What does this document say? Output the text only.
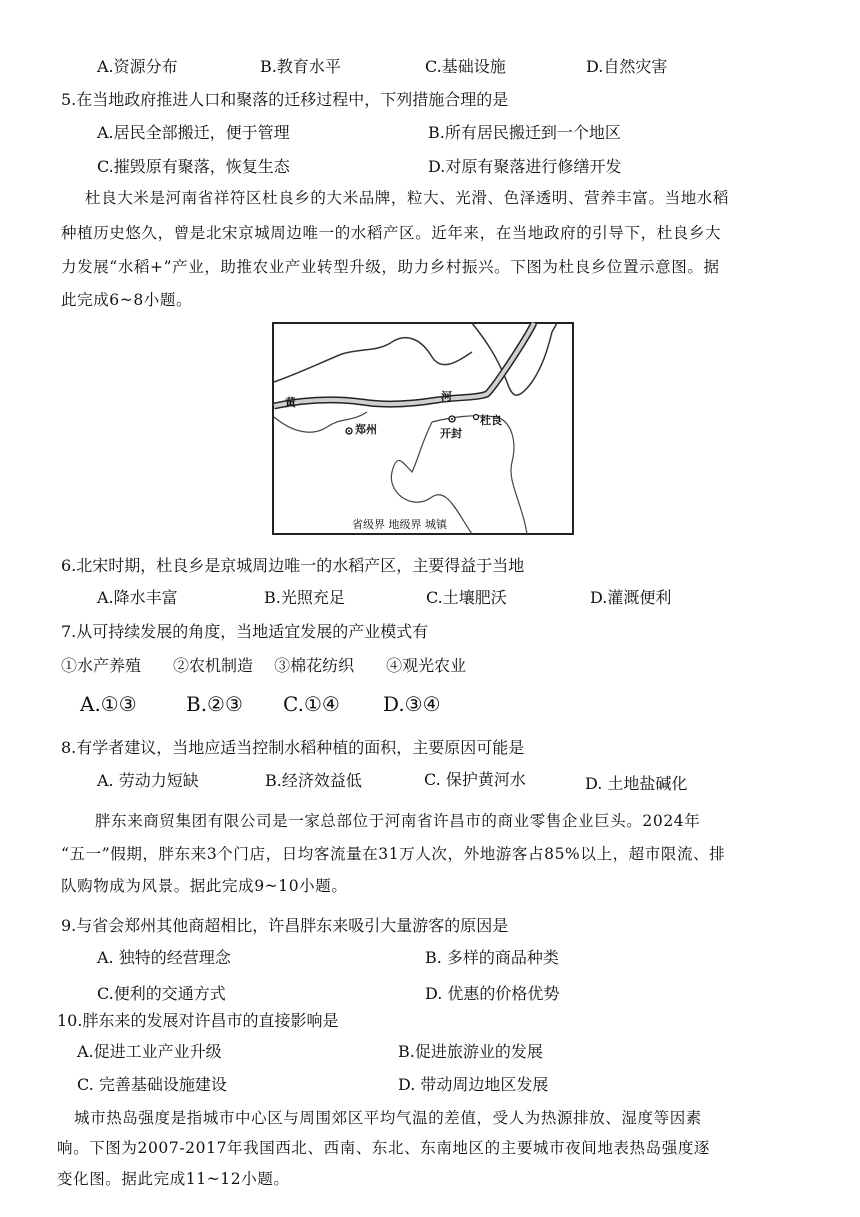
A.资源分布	B.教育水平	C.基础设施	D.自然灾害
5.在当地政府推进人口和聚落的迁移过程中，下列措施合理的是
A.居民全部搬迁，便于管理	B.所有居民搬迁到一个地区
C.摧毁原有聚落，恢复生态	D.对原有聚落进行修缮开发
杜良大米是河南省祥符区杜良乡的大米品牌，粒大、光滑、色泽透明、营养丰富。当地水稻
种植历史悠久，曾是北宋京城周边唯一的水稻产区。近年来，在当地政府的引导下，杜良乡大
力发展“水稻+”产业，助推农业产业转型升级，助力乡村振兴。下图为杜良乡位置示意图。据
此完成6~8小题。
黄	河
郑州	开封
杜良
省级界 地级界 城镇
6.北宋时期，杜良乡是京城周边唯一的水稻产区，主要得益于当地
A.降水丰富	B.光照充足	C.土壤肥沃	D.灌溉便利
7.从可持续发展的角度，当地适宜发展的产业模式有
①水产养殖　　②农机制造　 ③棉花纺织　　④观光农业
A.①③ B.②③ C.①④ D.③④
8.有学者建议，当地应适当控制水稻种植的面积，主要原因可能是
A. 劳动力短缺	B.经济效益低	C. 保护黄河水	D. 土地盐碱化
胖东来商贸集团有限公司是一家总部位于河南省许昌市的商业零售企业巨头。2024年
“五一”假期，胖东来3个门店，日均客流量在31万人次，外地游客占85%以上，超市限流、排
队购物成为风景。据此完成9~10小题。
9.与省会郑州其他商超相比，许昌胖东来吸引大量游客的原因是
A. 独特的经营理念	B. 多样的商品种类
C.便利的交通方式	D. 优惠的价格优势
10.胖东来的发展对许昌市的直接影响是
A.促进工业产业升级	B.促进旅游业的发展
C. 完善基础设施建设	D. 带动周边地区发展
城市热岛强度是指城市中心区与周围郊区平均气温的差值，受人为热源排放、湿度等因素
响。下图为2007-2017年我国西北、西南、东北、东南地区的主要城市夜间地表热岛强度逐
变化图。据此完成11~12小题。
